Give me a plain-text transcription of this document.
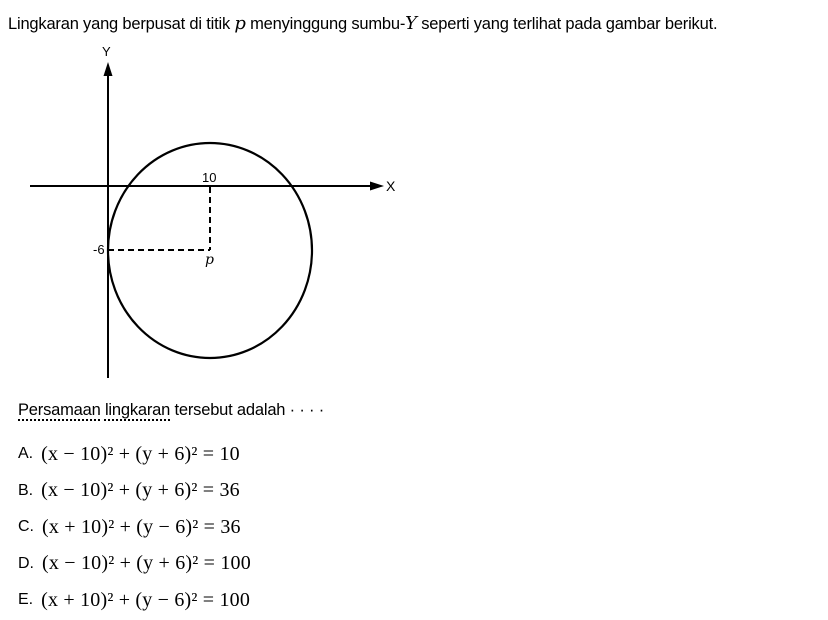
Lingkaran yang berpusat di titik p menyinggung sumbu-Y seperti yang terlihat pada gambar berikut.
Y
X
10
-6
p
Persamaan lingkaran tersebut adalah · · · ·
A. (x − 10)² + (y + 6)² = 10
B. (x − 10)² + (y + 6)² = 36
C. (x + 10)² + (y − 6)² = 36
D. (x − 10)² + (y + 6)² = 100
E. (x + 10)² + (y − 6)² = 100
